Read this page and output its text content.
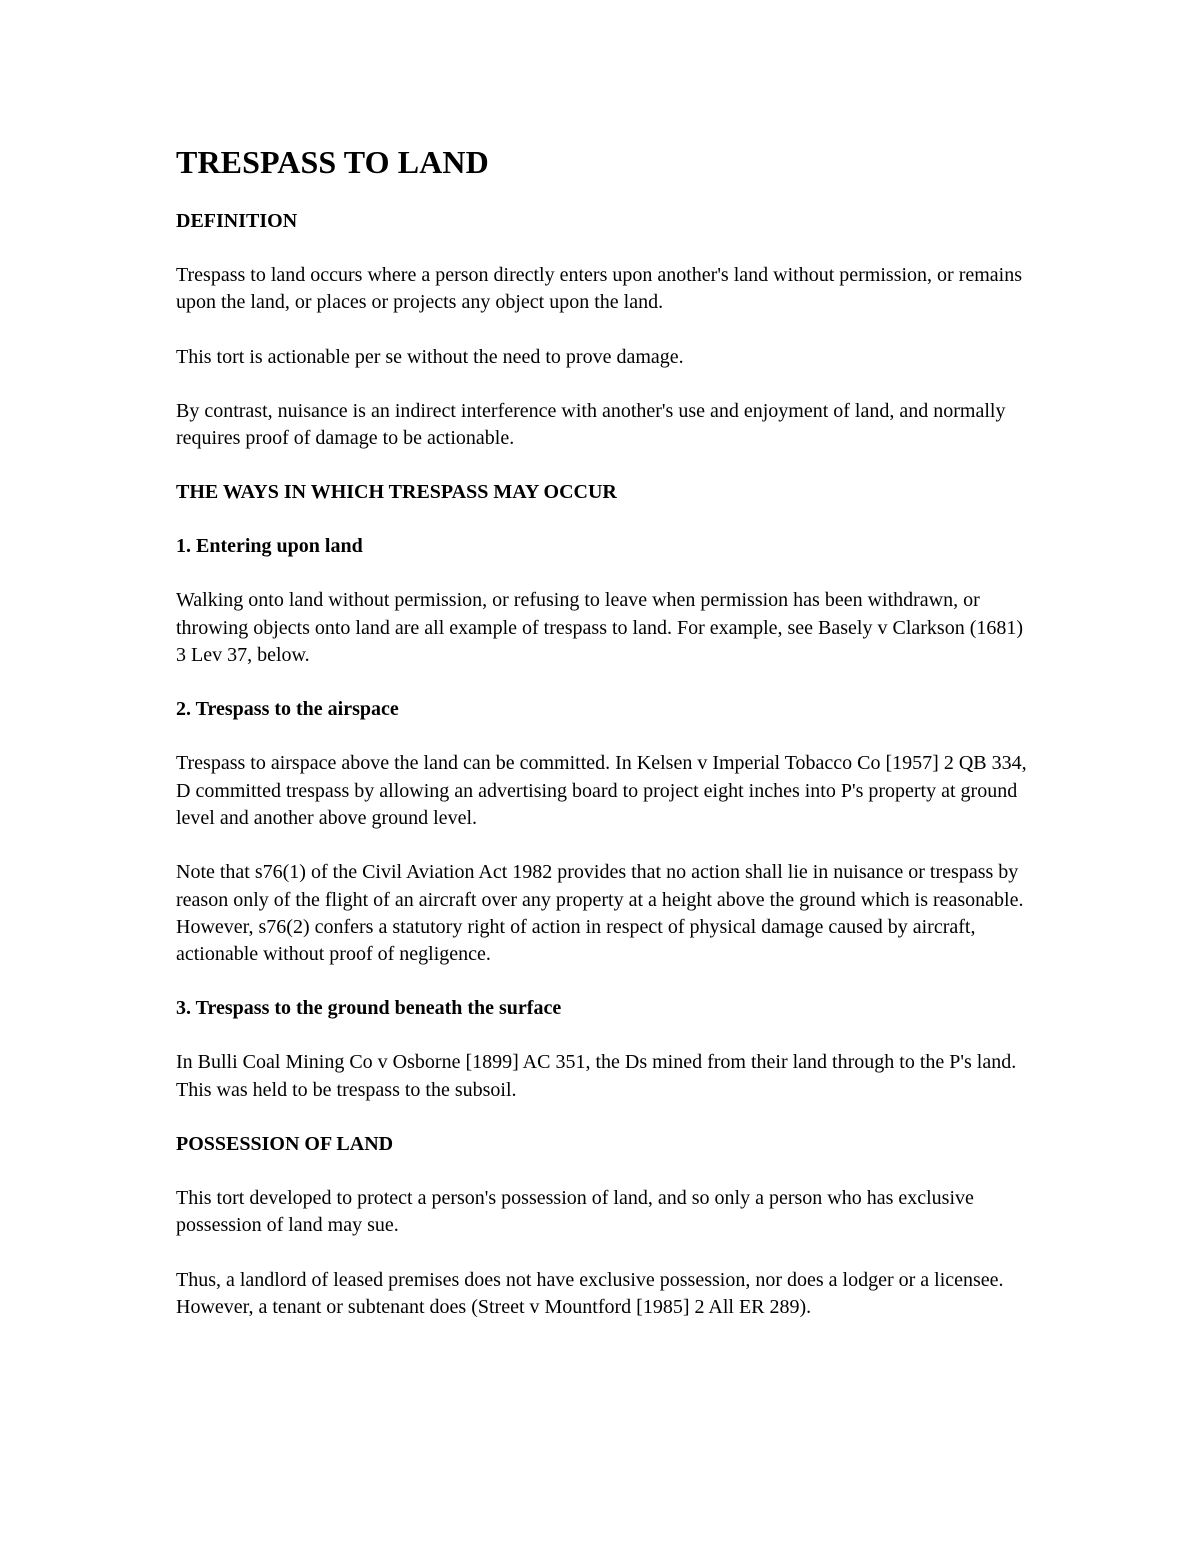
TRESPASS TO LAND
DEFINITION
Trespass to land occurs where a person directly enters upon another's land without permission, or remains upon the land, or places or projects any object upon the land.
This tort is actionable per se without the need to prove damage.
By contrast, nuisance is an indirect interference with another's use and enjoyment of land, and normally requires proof of damage to be actionable.
THE WAYS IN WHICH TRESPASS MAY OCCUR
1. Entering upon land
Walking onto land without permission, or refusing to leave when permission has been withdrawn, or throwing objects onto land are all example of trespass to land. For example, see Basely v Clarkson (1681) 3 Lev 37, below.
2. Trespass to the airspace
Trespass to airspace above the land can be committed. In Kelsen v Imperial Tobacco Co [1957] 2 QB 334, D committed trespass by allowing an advertising board to project eight inches into P's property at ground level and another above ground level.
Note that s76(1) of the Civil Aviation Act 1982 provides that no action shall lie in nuisance or trespass by reason only of the flight of an aircraft over any property at a height above the ground which is reasonable. However, s76(2) confers a statutory right of action in respect of physical damage caused by aircraft, actionable without proof of negligence.
3. Trespass to the ground beneath the surface
In Bulli Coal Mining Co v Osborne [1899] AC 351, the Ds mined from their land through to the P's land. This was held to be trespass to the subsoil.
POSSESSION OF LAND
This tort developed to protect a person's possession of land, and so only a person who has exclusive possession of land may sue.
Thus, a landlord of leased premises does not have exclusive possession, nor does a lodger or a licensee. However, a tenant or subtenant does (Street v Mountford [1985] 2 All ER 289).
